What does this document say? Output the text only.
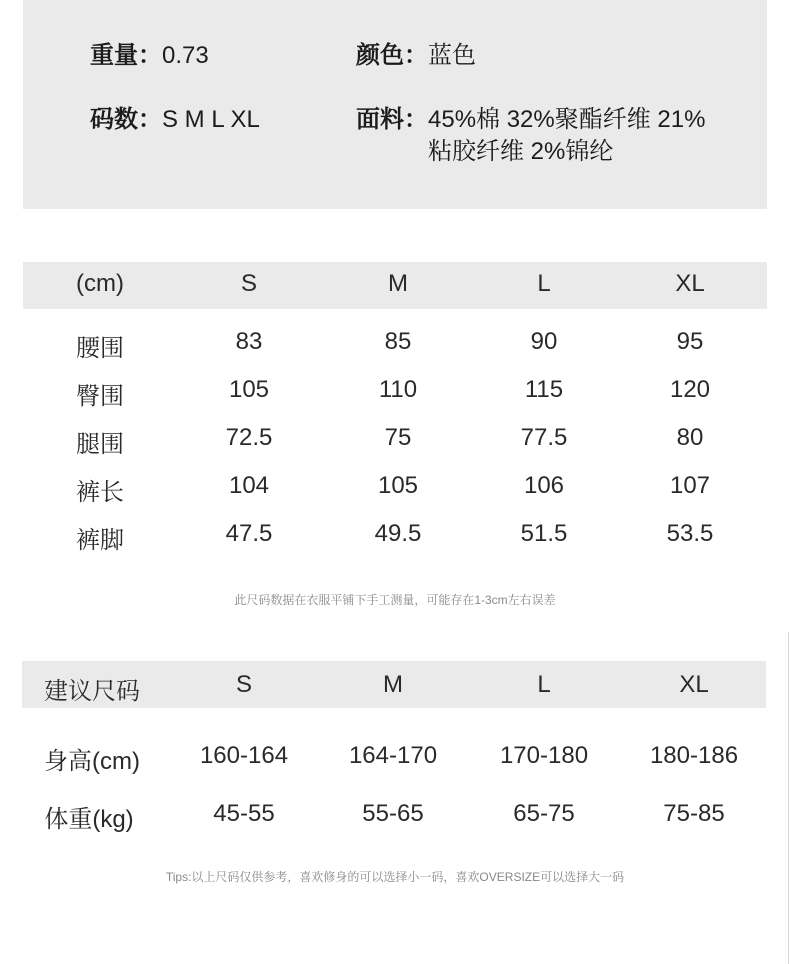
重量：0.73	颜色：蓝色
码数：S M L XL	面料： 45%棉 32%聚酯纤维 21% 粘胶纤维 2%锦纶
(cm)	S	M	L	XL
腰围	83	85	90	95
臀围	105	110	115	120
腿围	72.5	75	77.5	80
裤长	104	105	106	107
裤脚	47.5	49.5	51.5	53.5
此尺码数据在衣服平铺下手工测量，可能存在1-3cm左右误差
建议尺码	S	M	L	XL
身高(cm) 160-164	164-170	170-180	180-186
体重(kg)	45-55	55-65	65-75	75-85
Tips:以上尺码仅供参考，喜欢修身的可以选择小一码，喜欢OVERSIZE可以选择大一码
